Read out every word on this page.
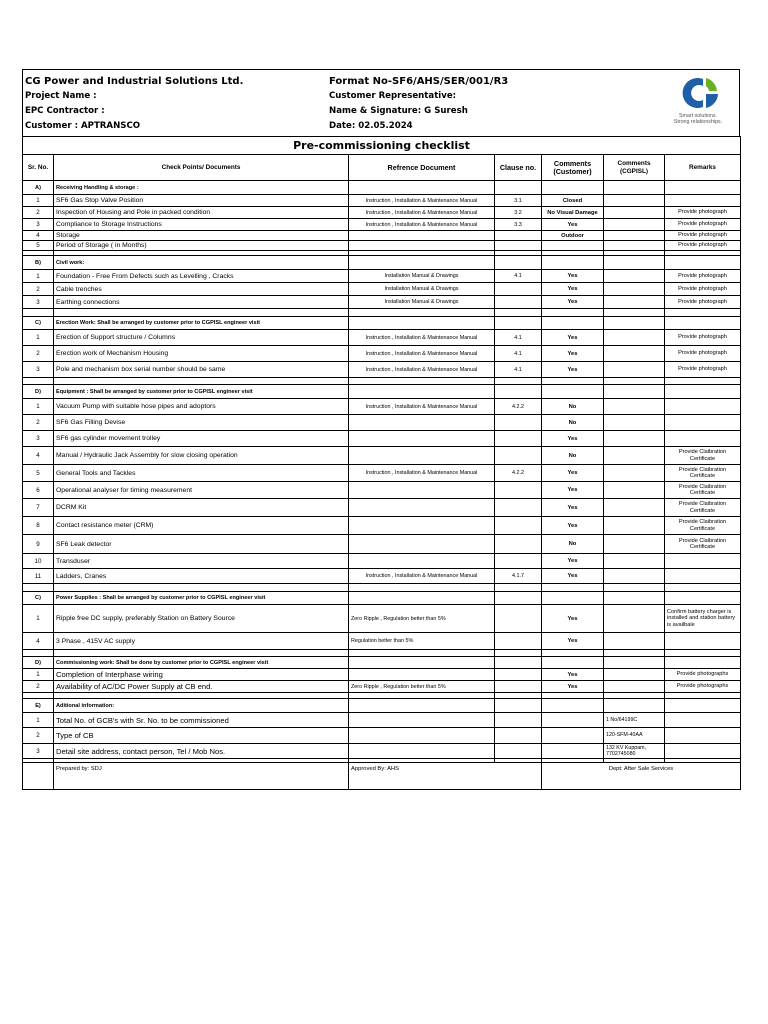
CG Power and Industrial Solutions Ltd.
Project Name :
EPC Contractor :
Customer : APTRANSCO
Format No-SF6/AHS/SER/001/R3
Customer Representative:
Name & Signature: G Suresh
Date: 02.05.2024
Smart solutions.
Strong relationships.
Pre-commissioning checklist						
Sr. No.	Check Points/ Documents	Refrence Document	Clause no.	Comments (Customer)	Comments (CGPISL)	Remarks
A)	Receiving Handling & storage :					
1	SF6 Gas Stop Valve Position	Instruction , Installation & Maintenance Manual	3.1	Closed		
2	Inspection of Housing and Pole in packed condition	Instruction , Installation & Maintenance Manual	3.2	No Visual Damage		Provide photograph
3	Compliance to Storage Instructions	Instruction , Installation & Maintenance Manual	3.3	Yes		Provide photograph
4	Storage			Outdoor		Provide photograph
5	Period of Storage ( in Months)					Provide photograph

B)	Civil work:					
1	Foundation - Free From Defects such as Levelling , Cracks	Installation Manual & Drawings	4.1	Yes		Provide photograph
2	Cable trenches	Installation Manual & Drawings		Yes		Provide photograph
3	Earthing connections	Installation Manual & Drawings		Yes		Provide photograph

C)	Erection Work: Shall be arranged by customer prior to CGPISL engineer visit					
1	Erection of Support structure / Columns	Instruction , Installation & Maintenance Manual	4.1	Yes		Provide photograph
2	Erection work of Mechanism Housing	Instruction , Installation & Maintenance Manual	4.1	Yes		Provide photograph
3	Pole and mechanism box serial number should be same	Instruction , Installation & Maintenance Manual	4.1	Yes		Provide photograph

D)	Equipment : Shall be arranged by customer prior to CGPISL engineer visit					
1	Vacuum Pump with suitable hose pipes and adoptors	Instruction , Installation & Maintenance Manual	4.2.2	No		
2	SF6 Gas Filling Devise			No		
3	SF6 gas cylinder movement trolley			Yes		
4	Manual / Hydraulic Jack Assembly for slow closing operation			No		Provide Claibration Certificate
5	General Tools and Tackles	Instruction , Installation & Maintenance Manual	4.2.2	Yes		Provide Claibration Certificate
6	Operational analyser for timing measurement			Yes		Provide Claibration Certificate
7	DCRM Kit			Yes		Provide Claibration Certificate
8	Contact resistance meter (CRM)			Yes		Provide Claibration Certificate
9	SF6 Leak detector			No		Provide Claibration Certificate
10	Transduser			Yes		
11	Ladders, Cranes	Instruction , Installation & Maintenance Manual	4.1.7	Yes		

C)	Power Supplies : Shall be arranged by customer prior to CGPISL engineer visit					
1	Ripple free DC supply, preferably Station on Battery Source	Zero Ripple , Regulation better than 5%		Yes		Confirm battery charger is installed and station battery is availbale
4	3 Phase , 415V AC supply	Regulation better than 5%		Yes		

D)	Commissioning work: Shall be done by customer prior to CGPISL engineer visit					
1	Completion of Interphase wiring			Yes		Provide photographs
2	Availability of AC/DC Power Supply at CB end.	Zero Ripple , Regulation better than 5%		Yes		Provide photographs

E)	Aditional information:					
1	Total No. of GCB's with Sr. No. to be commissioned				1 No/64199C	
2	Type of CB				120-SFM-40AA	
3	Detail site address, contact person, Tel / Mob Nos.				132 KV Kuppam, 7702745080	

	Prepared by: SDJ	Approved By: AHS		Dept: After Sale Services		
